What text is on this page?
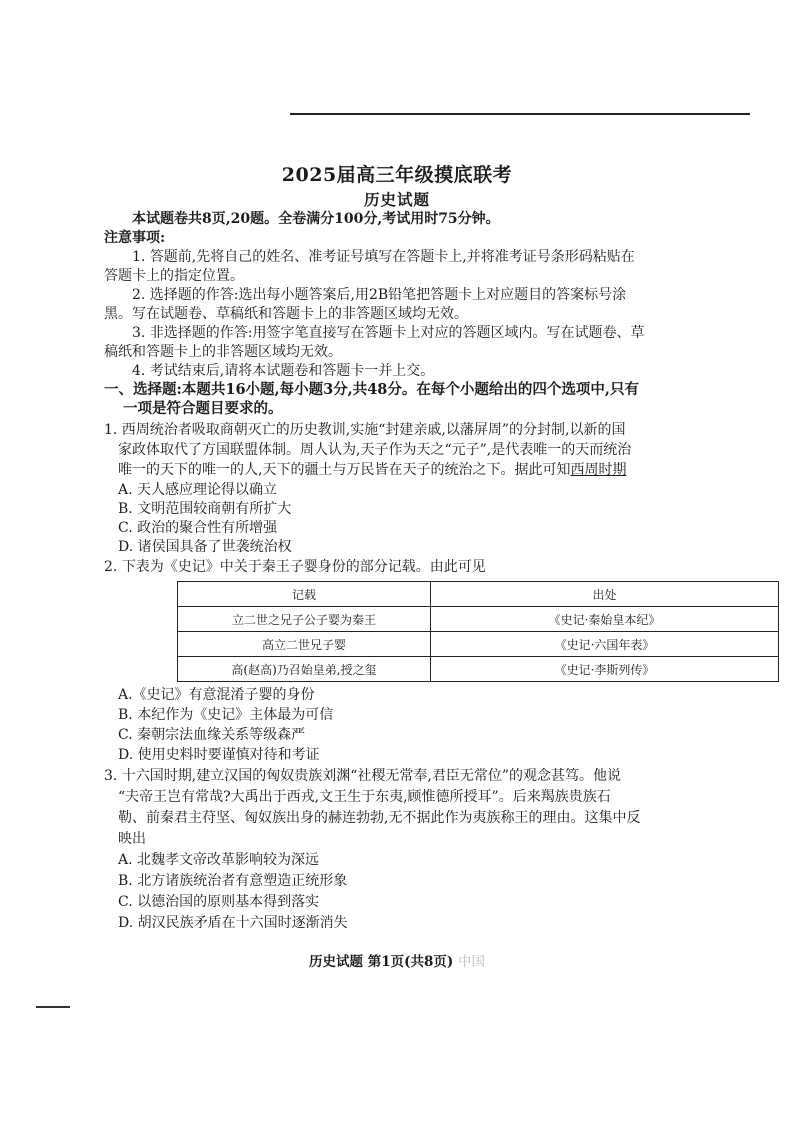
2025届高三年级摸底联考
历史试题
本试题卷共8页,20题。全卷满分100分,考试用时75分钟。
注意事项:
1. 答题前,先将自己的姓名、准考证号填写在答题卡上,并将准考证号条形码粘贴在
答题卡上的指定位置。
2. 选择题的作答:选出每小题答案后,用2B铅笔把答题卡上对应题目的答案标号涂
黑。写在试题卷、草稿纸和答题卡上的非答题区域均无效。
3. 非选择题的作答:用签字笔直接写在答题卡上对应的答题区域内。写在试题卷、草
稿纸和答题卡上的非答题区域均无效。
4. 考试结束后,请将本试题卷和答题卡一并上交。
一、选择题:本题共16小题,每小题3分,共48分。在每个小题给出的四个选项中,只有
一项是符合题目要求的。
1. 西周统治者吸取商朝灭亡的历史教训,实施“封建亲戚,以藩屏周”的分封制,以新的国
家政体取代了方国联盟体制。周人认为,天子作为天之“元子”,是代表唯一的天而统治
唯一的天下的唯一的人,天下的疆土与万民皆在天子的统治之下。据此可知西周时期
A. 天人感应理论得以确立
B. 文明范围较商朝有所扩大
C. 政治的聚合性有所增强
D. 诸侯国具备了世袭统治权
2. 下表为《史记》中关于秦王子婴身份的部分记载。由此可见
记载	出处
立二世之兄子公子婴为秦王	《史记·秦始皇本纪》
高立二世兄子婴	《史记·六国年表》
高(赵高)乃召始皇弟,授之玺	《史记·李斯列传》
A.《史记》有意混淆子婴的身份
B. 本纪作为《史记》主体最为可信
C. 秦朝宗法血缘关系等级森严
D. 使用史料时要谨慎对待和考证
3. 十六国时期,建立汉国的匈奴贵族刘渊“社稷无常奉,君臣无常位”的观念甚笃。他说
“夫帝王岂有常哉?大禹出于西戎,文王生于东夷,顾惟德所授耳”。后来羯族贵族石
勒、前秦君主苻坚、匈奴族出身的赫连勃勃,无不据此作为夷族称王的理由。这集中反
映出
A. 北魏孝文帝改革影响较为深远
B. 北方诸族统治者有意塑造正统形象
C. 以德治国的原则基本得到落实
D. 胡汉民族矛盾在十六国时逐渐消失
历史试题 第1页(共8页) 中国
